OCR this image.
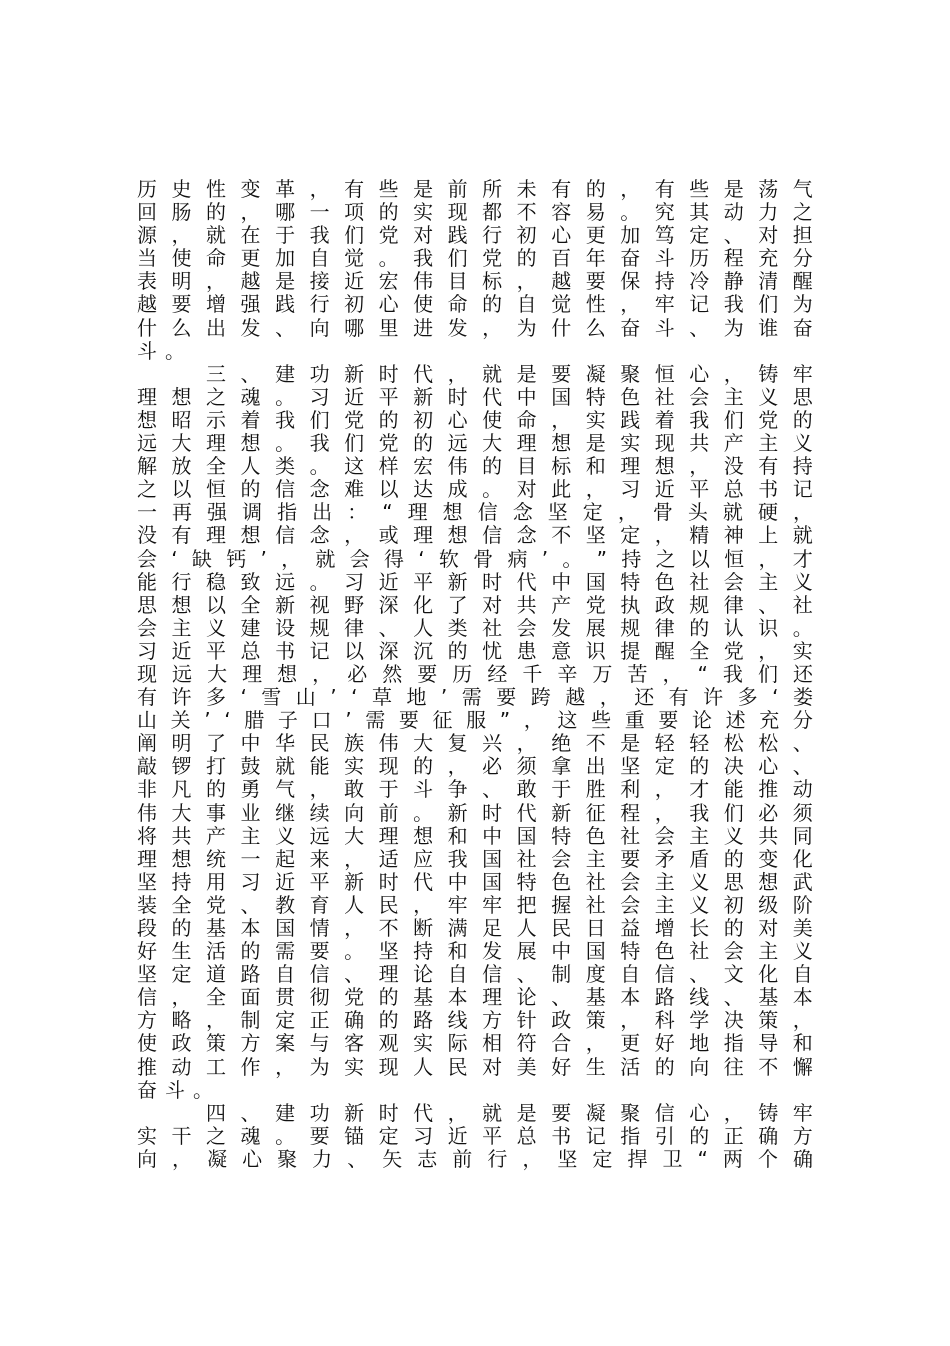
历 史 性 变 革 ， 有 些 是 前 所 未 有 的 ， 有 些 是 荡 气
回 肠 的 ， 哪 一 项 的 实 现 都 不 容 易 。 究 其 动 力 之
源 ， 就 在 于 我 们 党 对 践 行 初 心 更 加 笃 定 、 对 担
当 使 命 更 加 自 觉 。 我 们 党 的 百 年 奋 斗 历 程 充 分
表 明 ， 越 是 接 近 宏 伟 目 标 ， 越 要 保 持 冷 静 清 醒
越 要 增 强 践 行 初 心 使 命 的 自 觉 性 ， 牢 记 我 们 为
什 么 出 发 、 向 哪 里 进 发 ， 为 什 么 奋 斗 、 为 谁 奋
斗 。

三 、 建 功 新 时 代 ， 就 是 要 凝 聚 恒 心 ， 铸 牢
理 想 之 魂 。 习 近 平 新 时 代 中 国 特 色 社 会 主 义 思
想 昭 示 着 我 们 党 的 初 心 使 命 ， 实 践 着 我 们 党 的
远 大 理 想 。 我 们 党 的 远 大 理 想 是 实 现 共 产 主 义
解 放 全 人 类 。 这 样 宏 伟 的 目 标 和 理 想 ， 没 有 持
之 以 恒 的 信 念 难 以 达 成 。 对 此 ， 习 近 平 总 书 记
一 再 强 调 指 出 ： “ 理 想 信 念 坚 定 ， 骨 头 就 硬 ，
没 有 理 想 信 念 ， 或 理 想 信 念 不 坚 定 ， 精 神 上 就
会 ‘ 缺 钙 ’ ， 就 会 得 ‘ 软 骨 病 ’ 。 ” 持 之 以 恒 ， 才
能 行 稳 致 远 。 习 近 平 新 时 代 中 国 特 色 社 会 主 义
思 想 以 全 新 视 野 深 化 了 对 共 产 党 执 政 规 律 、 社
会 主 义 建 设 规 律 、 人 类 社 会 发 展 规 律 的 认 识 。
习 近 平 总 书 记 以 深 沉 的 忧 患 意 识 提 醒 全 党 ， 实
现 远 大 理 想 ， 必 然 要 历 经 千 辛 万 苦 ， “ 我 们 还
有 许 多 ‘ 雪 山 ’ ‘ 草 地 ’ 需 要 跨 越 ， 还 有 许 多 ‘ 娄
山 关 ’ ‘ 腊 子 口 ’ 需 要 征 服 ” ， 这 些 重 要 论 述 充 分
阐 明 了 中 华 民 族 伟 大 复 兴 ， 绝 不 是 轻 轻 松 松 、
敲 锣 打 鼓 就 能 实 现 的 ， 必 须 拿 出 坚 定 的 决 心 、
非 凡 的 勇 气 ， 敢 于 斗 争 、 敢 于 胜 利 ， 才 能 推 动
伟 大 事 业 继 续 向 前 。 新 时 代 新 征 程 ， 我 们 必 须
将 共 产 主 义 远 大 理 想 和 中 国 特 色 社 会 主 义 共 同
理 想 统 一 起 来 ， 适 应 我 国 社 会 主 要 矛 盾 的 变 化
坚 持 用 习 近 平 新 时 代 中 国 特 色 社 会 主 义 思 想 武
装 全 党 、 教 育 人 民 ， 牢 牢 把 握 社 会 主 义 初 级 阶
段 的 基 本 国 情 ， 不 断 满 足 人 民 日 益 增 长 的 对 美
好 生 活 的 需 要 。 坚 持 和 发 展 中 国 特 色 社 会 主 义
坚 定 道 路 自 信 、 理 论 自 信 、 制 度 自 信 、 文 化 自
信 ， 全 面 贯 彻 党 的 基 本 理 论 、 基 本 路 线 、 基 本
方 略 ， 制 定 正 确 的 路 线 方 针 政 策 ， 科 学 决 策 ，
使 政 策 方 案 与 客 观 实 际 相 符 合 ， 更 好 地 指 导 和
推 动 工 作 ， 为 实 现 人 民 对 美 好 生 活 的 向 往 不 懈
奋 斗 。

四 、 建 功 新 时 代 ， 就 是 要 凝 聚 信 心 ， 铸 牢
实 干 之 魂 。 要 锚 定 习 近 平 总 书 记 指 引 的 正 确 方
向 ， 凝 心 聚 力 、 矢 志 前 行 ， 坚 定 捍 卫 “ 两 个 确
